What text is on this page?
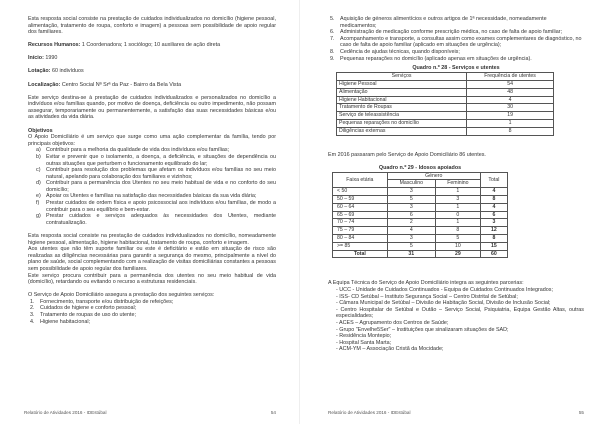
Esta resposta social consiste na prestação de cuidados individualizados no domicílio (higiene pessoal, alimentação, tratamento de roupa, conforto e imagem) a pessoas sem possibilidade de apoio regular dos familiares.

Recursos Humanos: 1 Coordenadora; 1 sociólogo; 10 auxiliares de ação direta

Início: 1990

Lotação: 60 indivíduos

Localização: Centro Social Nª Srª da Paz - Bairro da Bela Vista

Este serviço destina-se à prestação de cuidados individualizados e personalizados no domicílio a indivíduos e/ou famílias quando, por motivo de doença, deficiência ou outro impedimento, não possam assegurar, temporariamente ou permanentemente, a satisfação das suas necessidades básicas e/ou as atividades da vida diária.

Objetivos

O Apoio Domiciliário é um serviço que surge como uma ação complementar da família, tendo por principais objetivos:

a) Contribuir para a melhoria da qualidade de vida dos indivíduos e/ou famílias;
b) Evitar e prevenir que o isolamento, a doença, a deficiência, e situações de dependência ou outras situações que perturbem o funcionamento equilibrado do lar;
c) Contribuir para resolução dos problemas que afetam os indivíduos e/ou famílias no seu meio natural, apelando para colaboração dos familiares e vizinhos;
d) Contribuir para a permanência dos Utentes no seu meio habitual de vida e no conforto do seu domicílio;
e) Apoiar os Utentes e famílias na satisfação das necessidades básicas da sua vida diária;
f) Prestar cuidados de ordem física e apoio psicossocial aos indivíduos e/ou famílias, de modo a contribuir para o seu equilíbrio e bem-estar.
g) Prestar cuidados e serviços adequados às necessidades dos Utentes, mediante contratualização.

Esta resposta social consiste na prestação de cuidados individualizados no domicílio, nomeadamente higiene pessoal, alimentação, higiene habitacional, tratamento de roupa, conforto e imagem.

Aos utentes que não têm suporte familiar ou este é deficitário e estão em situação de risco são realizadas as diligências necessárias para garantir a segurança do mesmo, principalmente a nível do plano de saúde, social complementando com a realização de visitas domiciliárias constantes a pessoas sem possibilidade de apoio regular dos familiares.

Este serviço procura contribuir para a permanência dos utentes no seu meio habitual de vida (domicílio), retardando ou evitando o recurso a estruturas residenciais.

O Serviço de Apoio Domiciliário assegura a prestação dos seguintes serviços:

1. Fornecimento, transporte e/ou distribuição de refeições;
2. Cuidados de higiene e conforto pessoal;
3. Tratamento de roupas de uso do utente;
4. Higiene habitacional;
Relatório de Atividades 2016 - IDEstúbal	54
5. Aquisição de géneros alimentícios e outros artigos de 1ª necessidade, nomeadamente medicamentos;
6. Administração de medicação conforme prescrição médica, no caso de falta de apoio familiar;
7. Acompanhamento e transporte, a consultas assim como exames complementares de diagnóstico, no caso de falta de apoio familiar (aplicado em situações de urgência);
8. Cedência de ajudas técnicas, quando disponíveis;
9. Pequenas reparações no domicílio (aplicado apenas em situações de urgência).
Quadro n.º 28 - Serviços e utentes
Serviços	Frequência de utentes
Higiene Pessoal	54
Alimentação	48
Higiene Habitacional	4
Tratamento de Roupas	30
Serviço de teleassistência	19
Pequenas reparações no domicílio	1
Diligências externas	8

Em 2016 passaram pelo Serviço de Apoio Domiciliário 86 utentes.

Quadro n.º 29 - Idosos apoiados
Faixa etária	Género		Total
	Masculino	Feminino	
< 50	3	1	4
50 – 59	5	3	8
60 – 64	3	1	4
65 – 69	6	0	6
70 – 74	2	1	3
75 – 79	4	8	12
80 – 84	3	5	8
>= 85	5	10	15
Total	31	29	60

A Equipa Técnica do Serviço de Apoio Domiciliário integra as seguintes parcerias:

- UCC - Unidade de Cuidados Continuados - Equipa de Cuidados Continuados Integrados;

- ISS- CD Setúbal – Instituto Segurança Social – Centro Distrital de Setúbal;

- Câmara Municipal de Setúbal – Divisão de Habitação Social, Divisão de Inclusão Social;

- Centro Hospitalar de Setúbal e Outão – Serviço Social, Psiquiatria, Equipa Gestão Altas, outras especialidades;

- ACES – Agrupamento dos Centros de Saúde;

- Grupo "Envelhe5Ser" – Instituições que sinalizaram situações de SAD;

- Residência Montepio;

- Hospital Santa Marta;

- ACM-YM – Associação Cristã da Mocidade;

Relatório de Atividades 2016 - IDEstúbal	55
